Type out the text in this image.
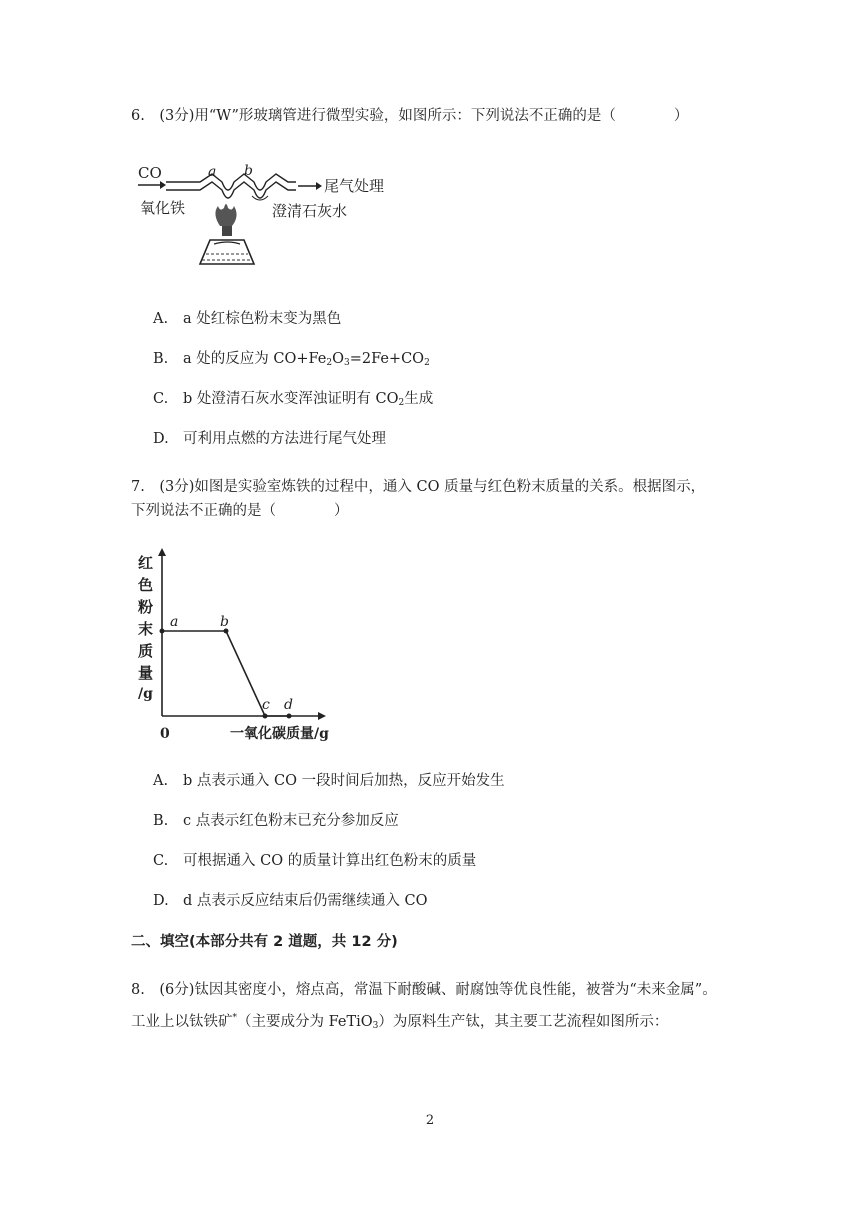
6.　(3分)用“W”形玻璃管进行微型实验，如图所示：下列说法不正确的是（　　　　）
CO	a b
尾气处理
氧化铁	澄清石灰水
A. a 处红棕色粉末变为黑色
B. a 处的反应为 $CO+Fe_2O_3=2Fe+CO_2$
C. b 处澄清石灰水变浑浊证明有 $CO_2$生成
D. 可利用点燃的方法进行尾气处理
7.　(3分)如图是实验室炼铁的过程中，通入 CO 质量与红色粉末质量的关系。根据图示，
下列说法不正确的是（　　　　）
红
色
粉
末
质
量
/g
a	b
c d
0	一氧化碳质量/g
A. b 点表示通入 CO 一段时间后加热，反应开始发生
B. c 点表示红色粉末已充分参加反应
C. 可根据通入 CO 的质量计算出红色粉末的质量
D. d 点表示反应结束后仍需继续通入 CO
二、填空(本部分共有 2 道题，共 12 分)
8.　(6分)钛因其密度小，熔点高，常温下耐酸碱、耐腐蚀等优良性能，被誉为“未来金属”。
工业上以钛铁矿*（主要成分为 FeTiO$_3$）为原料生产钛，其主要工艺流程如图所示：
2
